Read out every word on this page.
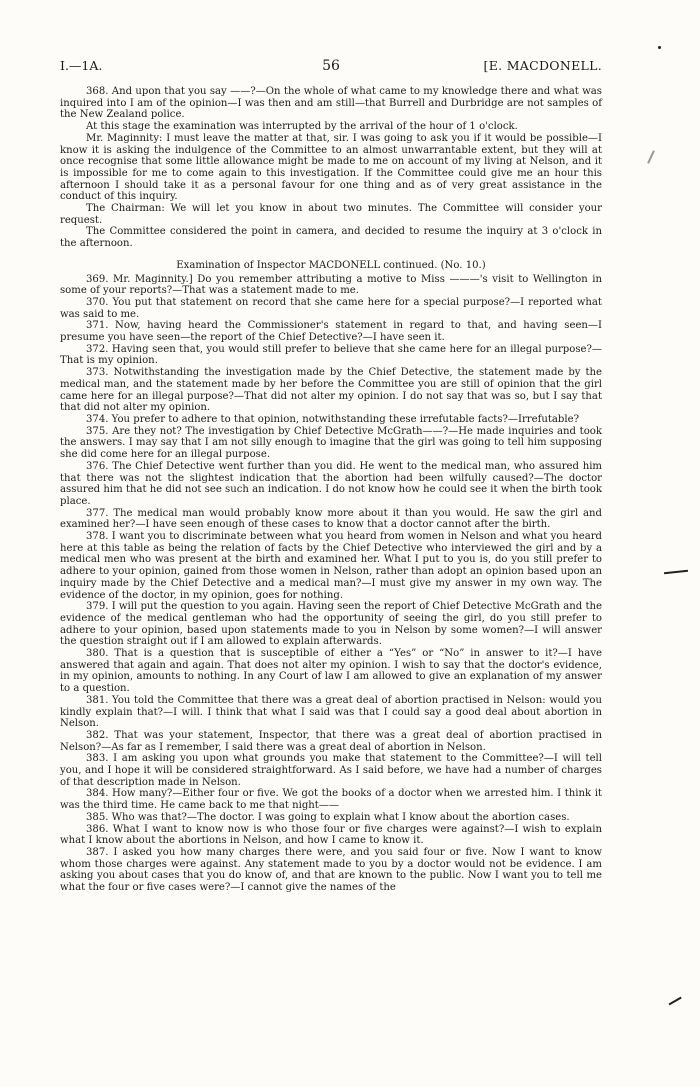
I.—1A.	56	[E. MACDONELL.

368. And upon that you say ——?—On the whole of what came to my knowledge there and what was inquired into I am of the opinion—I was then and am still—that Burrell and Durbridge are not samples of the New Zealand police.

At this stage the examination was interrupted by the arrival of the hour of 1 o'clock.

Mr. Maginnity: I must leave the matter at that, sir. I was going to ask you if it would be possible—I know it is asking the indulgence of the Committee to an almost unwarrantable extent, but they will at once recognise that some little allowance might be made to me on account of my living at Nelson, and it is impossible for me to come again to this investigation. If the Committee could give me an hour this afternoon I should take it as a personal favour for one thing and as of very great assistance in the conduct of this inquiry.

The Chairman: We will let you know in about two minutes. The Committee will consider your request.

The Committee considered the point in camera, and decided to resume the inquiry at 3 o'clock in the afternoon.

Examination of Inspector MACDONELL continued. (No. 10.)

369. Mr. Maginnity.] Do you remember attributing a motive to Miss ———'s visit to Wellington in some of your reports?—That was a statement made to me.

370. You put that statement on record that she came here for a special purpose?—I reported what was said to me.

371. Now, having heard the Commissioner's statement in regard to that, and having seen—I presume you have seen—the report of the Chief Detective?—I have seen it.

372. Having seen that, you would still prefer to believe that she came here for an illegal purpose?—That is my opinion.

373. Notwithstanding the investigation made by the Chief Detective, the statement made by the medical man, and the statement made by her before the Committee you are still of opinion that the girl came here for an illegal purpose?—That did not alter my opinion. I do not say that was so, but I say that that did not alter my opinion.

374. You prefer to adhere to that opinion, notwithstanding these irrefutable facts?—Irrefutable?

375. Are they not? The investigation by Chief Detective McGrath——?—He made inquiries and took the answers. I may say that I am not silly enough to imagine that the girl was going to tell him supposing she did come here for an illegal purpose.

376. The Chief Detective went further than you did. He went to the medical man, who assured him that there was not the slightest indication that the abortion had been wilfully caused?—The doctor assured him that he did not see such an indication. I do not know how he could see it when the birth took place.

377. The medical man would probably know more about it than you would. He saw the girl and examined her?—I have seen enough of these cases to know that a doctor cannot after the birth.

378. I want you to discriminate between what you heard from women in Nelson and what you heard here at this table as being the relation of facts by the Chief Detective who interviewed the girl and by a medical men who was present at the birth and examined her. What I put to you is, do you still prefer to adhere to your opinion, gained from those women in Nelson, rather than adopt an opinion based upon an inquiry made by the Chief Detective and a medical man?—I must give my answer in my own way. The evidence of the doctor, in my opinion, goes for nothing.

379. I will put the question to you again. Having seen the report of Chief Detective McGrath and the evidence of the medical gentleman who had the opportunity of seeing the girl, do you still prefer to adhere to your opinion, based upon statements made to you in Nelson by some women?—I will answer the question straight out if I am allowed to explain afterwards.

380. That is a question that is susceptible of either a “Yes” or “No” in answer to it?—I have answered that again and again. That does not alter my opinion. I wish to say that the doctor's evidence, in my opinion, amounts to nothing. In any Court of law I am allowed to give an explanation of my answer to a question.

381. You told the Committee that there was a great deal of abortion practised in Nelson: would you kindly explain that?—I will. I think that what I said was that I could say a good deal about abortion in Nelson.

382. That was your statement, Inspector, that there was a great deal of abortion practised in Nelson?—As far as I remember, I said there was a great deal of abortion in Nelson.

383. I am asking you upon what grounds you make that statement to the Committee?—I will tell you, and I hope it will be considered straightforward. As I said before, we have had a number of charges of that description made in Nelson.

384. How many?—Either four or five. We got the books of a doctor when we arrested him. I think it was the third time. He came back to me that night——

385. Who was that?—The doctor. I was going to explain what I know about the abortion cases.

386. What I want to know now is who those four or five charges were against?—I wish to explain what I know about the abortions in Nelson, and how I came to know it.

387. I asked you how many charges there were, and you said four or five. Now I want to know whom those charges were against. Any statement made to you by a doctor would not be evidence. I am asking you about cases that you do know of, and that are known to the public. Now I want you to tell me what the four or five cases were?—I cannot give the names of the
